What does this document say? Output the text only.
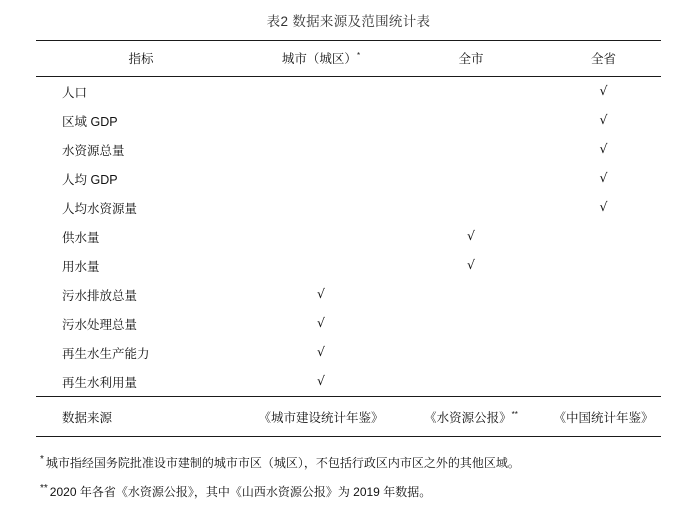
表2 数据来源及范围统计表
指标	城市（城区）*	全市	全省
人口			√
区域 GDP			√
水资源总量			√
人均 GDP			√
人均水资源量			√
供水量		√	
用水量		√	
污水排放总量	√		
污水处理总量	√		
再生水生产能力	√		
再生水利用量	√		
数据来源	《城市建设统计年鉴》	《水资源公报》**	《中国统计年鉴》
* 城市指经国务院批准设市建制的城市市区（城区），不包括行政区内市区之外的其他区域。
** 2020 年各省《水资源公报》，其中《山西水资源公报》为 2019 年数据。
